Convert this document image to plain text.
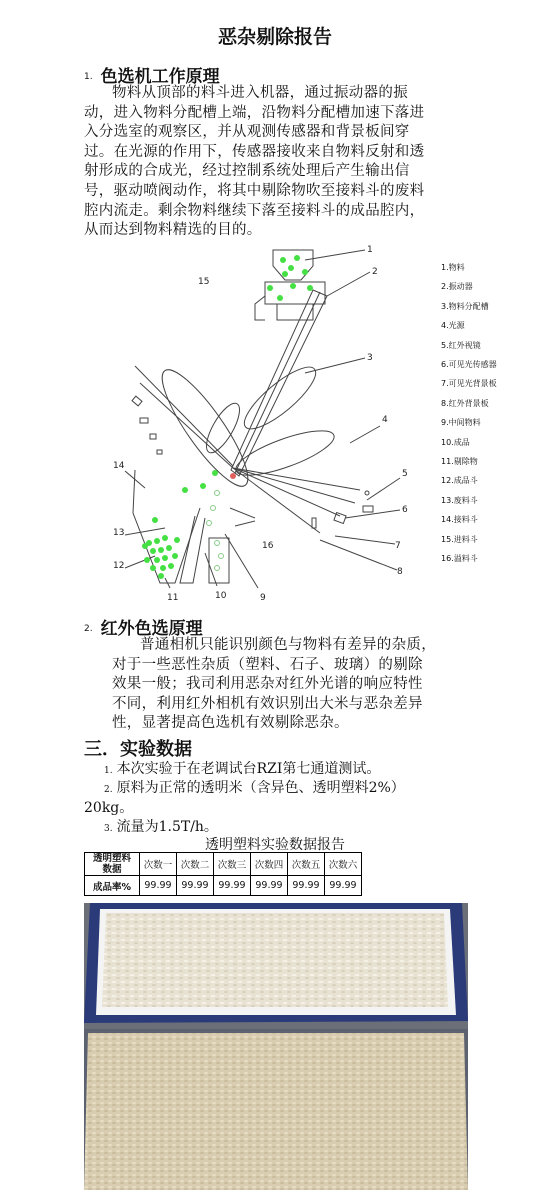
恶杂剔除报告
1. 色选机工作原理

物料从顶部的料斗进入机器，通过振动器的振

动，进入物料分配槽上端，沿物料分配槽加速下落进

入分选室的观察区，并从观测传感器和背景板间穿

过。在光源的作用下，传感器接收来自物料反射和透

射形成的合成光，经过控制系统处理后产生输出信

号，驱动喷阀动作，将其中剔除物吹至接料斗的废料

腔内流走。剩余物料继续下落至接料斗的成品腔内，

从而达到物料精选的目的。

1
2
3
4
5
6
7
8
9
10
11
12
13
14
15
16
1.物料
2.振动器
3.物料分配槽
4.光源
5.红外视镜
6.可见光传感器
7.可见光背景板
8.红外背景板
9.中间物料
10.成品
11.剔除物
12.成品斗
13.废料斗
14.接料斗
15.进料斗
16.溢料斗
2. 红外色选原理

普通相机只能识别颜色与物料有差异的杂质，

对于一些恶性杂质（塑料、石子、玻璃）的剔除

效果一般；我司利用恶杂对红外光谱的响应特性

不同，利用红外相机有效识别出大米与恶杂差异

性，显著提高色选机有效剔除恶杂。

三．实验数据
1. 本次实验于在老调试台RZI第七通道测试。
2. 原料为正常的透明米（含异色、透明塑料2%）
20kg。
3. 流量为1.5T/h。
透明塑料实验数据报告
透明塑料
数据	次数一	次数二	次数三	次数四	次数五	次数六
成品率%	99.99	99.99	99.99	99.99	99.99	99.99
